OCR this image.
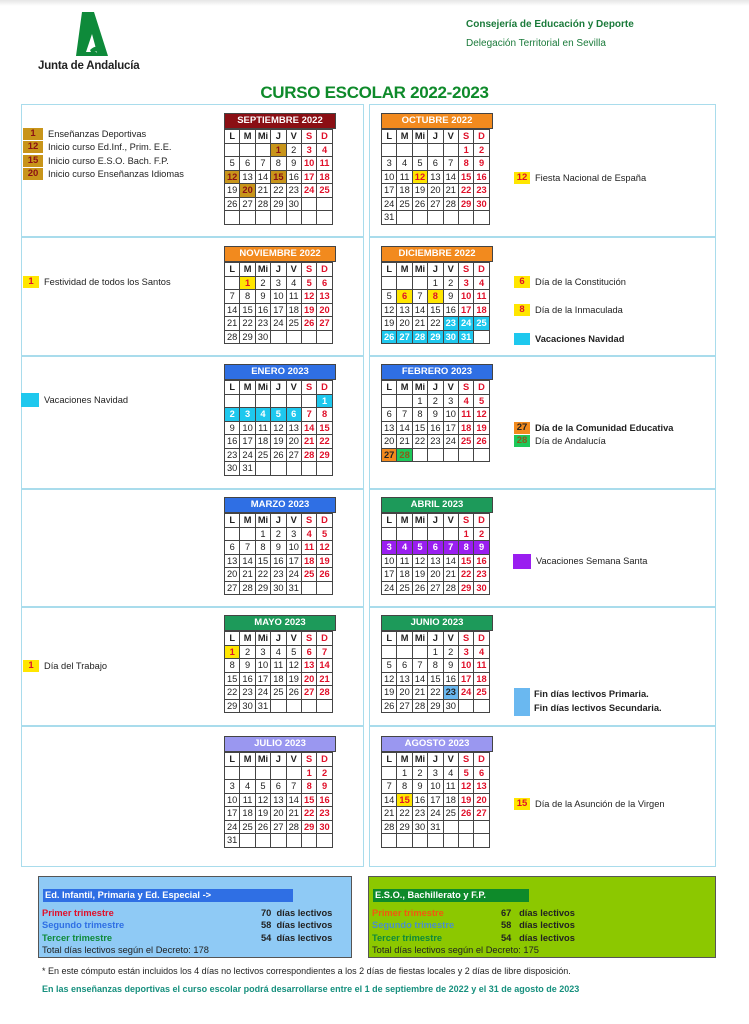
Junta de Andalucía
Consejería de Educación y Deporte
Delegación Territorial en Sevilla
CURSO ESCOLAR 2022-2023
SEPTIEMBRE 2022
L	M	Mi	J	V	S	D
			1	2	3	4
5	6	7	8	9	10	11
12	13	14	15	16	17	18
19	20	21	22	23	24	25
26	27	28	29	30		

OCTUBRE 2022
L	M	Mi	J	V	S	D
					1	2
3	4	5	6	7	8	9
10	11	12	13	14	15	16
17	18	19	20	21	22	23
24	25	26	27	28	29	30
31						
NOVIEMBRE 2022
L	M	Mi	J	V	S	D
	1	2	3	4	5	6
7	8	9	10	11	12	13
14	15	16	17	18	19	20
21	22	23	24	25	26	27
28	29	30				
DICIEMBRE 2022
L	M	Mi	J	V	S	D
			1	2	3	4
5	6	7	8	9	10	11
12	13	14	15	16	17	18
19	20	21	22	23	24	25
26	27	28	29	30	31	
ENERO 2023
L	M	Mi	J	V	S	D
						1
2	3	4	5	6	7	8
9	10	11	12	13	14	15
16	17	18	19	20	21	22
23	24	25	26	27	28	29
30	31					
FEBRERO 2023
L	M	Mi	J	V	S	D
		1	2	3	4	5
6	7	8	9	10	11	12
13	14	15	16	17	18	19
20	21	22	23	24	25	26
27	28					
MARZO 2023
L	M	Mi	J	V	S	D
		1	2	3	4	5
6	7	8	9	10	11	12
13	14	15	16	17	18	19
20	21	22	23	24	25	26
27	28	29	30	31		
ABRIL 2023
L	M	Mi	J	V	S	D
					1	2
3	4	5	6	7	8	9
10	11	12	13	14	15	16
17	18	19	20	21	22	23
24	25	26	27	28	29	30
MAYO 2023
L	M	Mi	J	V	S	D
1	2	3	4	5	6	7
8	9	10	11	12	13	14
15	16	17	18	19	20	21
22	23	24	25	26	27	28
29	30	31				
JUNIO 2023
L	M	Mi	J	V	S	D
			1	2	3	4
5	6	7	8	9	10	11
12	13	14	15	16	17	18
19	20	21	22	23	24	25
26	27	28	29	30		
JULIO 2023
L	M	Mi	J	V	S	D
					1	2
3	4	5	6	7	8	9
10	11	12	13	14	15	16
17	18	19	20	21	22	23
24	25	26	27	28	29	30
31						
AGOSTO 2023
L	M	Mi	J	V	S	D
	1	2	3	4	5	6
7	8	9	10	11	12	13
14	15	16	17	18	19	20
21	22	23	24	25	26	27
28	29	30	31			

1	Enseñanzas Deportivas
12	Inicio curso Ed.Inf., Prim. E.E.
15	Inicio curso E.S.O. Bach. F.P.
20	Inicio curso Enseñanzas Idiomas	12 Fiesta Nacional de España
1	Festividad de todos los Santos	6	Día de la Constitución
8	Día de la Inmaculada
Vacaciones Navidad
Vacaciones Navidad
27 Día de la Comunidad Educativa
28 Día de Andalucía
Vacaciones Semana Santa
1	Día del Trabajo
Fin días lectivos Primaria.
Fin días lectivos Secundaria.
15 Día de la Asunción de la Virgen
Ed. Infantil, Primaria y Ed. Especial ->
Primer trimestre	70  días lectivos
Segundo trimestre	58  días lectivos
Tercer trimestre	54  días lectivos
Total días lectivos según el Decreto: 178
E.S.O., Bachillerato y F.P.
Primer trimestre	67   días lectivos
Segundo trimestre	58   días lectivos
Tercer trimestre	54   días lectivos
Total días lectivos según el Decreto: 175
* En este cómputo están incluidos los 4 días no lectivos correspondientes a los 2 días de fiestas locales y 2 días de libre disposición.
En las enseñanzas deportivas el curso escolar podrá desarrollarse entre el 1 de septiembre de 2022 y el 31 de agosto de 2023
